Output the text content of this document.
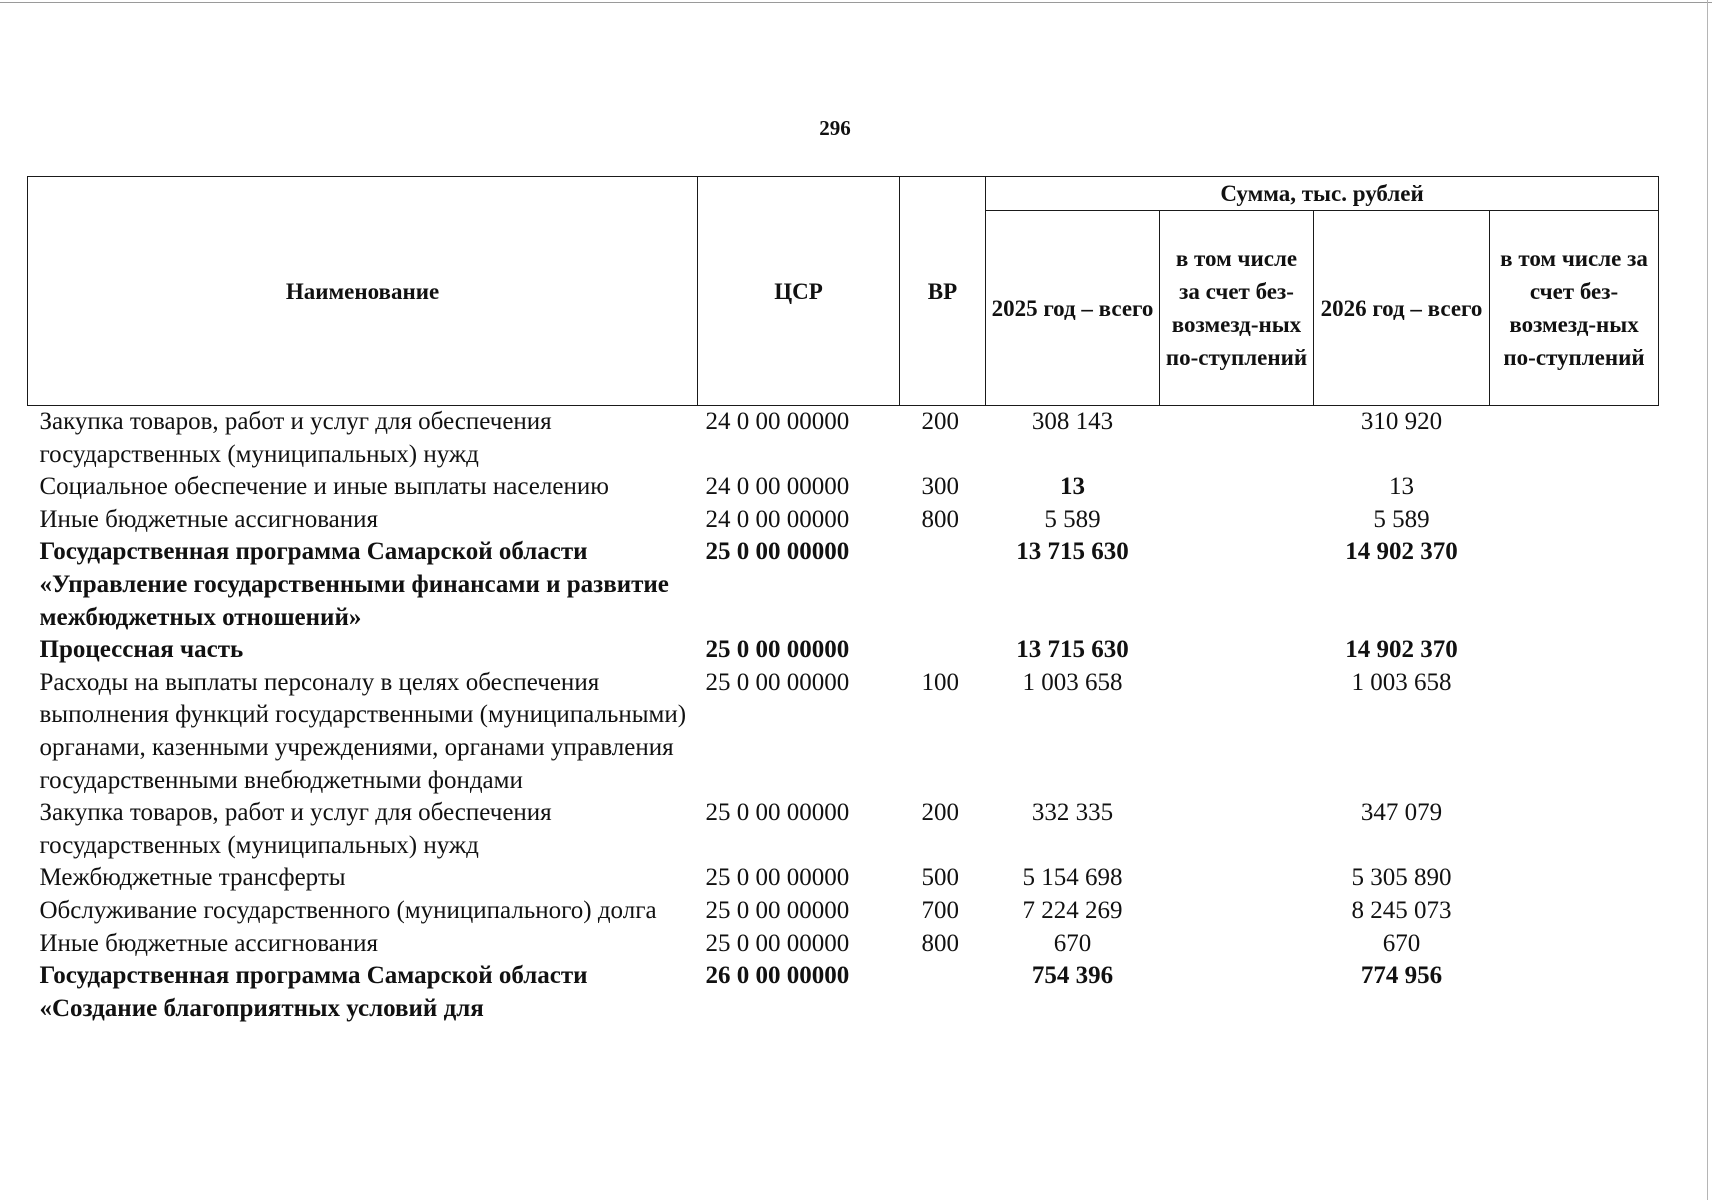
296
Наименование	ЦСР	ВР	Сумма, тыс. рублей			
			2025 год – всего	в том числе за счет без-возмезд-ных по-ступлений	2026 год – всего	в том числе за счет без-возмезд-ных по-ступлений
Закупка товаров, работ и услуг для обеспечения государственных (муниципальных) нужд	24 0 00 00000	200	308 143		310 920	
Социальное обеспечение и иные выплаты населению	24 0 00 00000	300	13		13	
Иные бюджетные ассигнования	24 0 00 00000	800	5 589		5 589	
Государственная программа Самарской области «Управление государственными финансами и развитие межбюджетных отношений»	25 0 00 00000		13 715 630		14 902 370	
Процессная часть	25 0 00 00000		13 715 630		14 902 370	
Расходы на выплаты персоналу в целях обеспечения выполнения функций государственными (муниципальными) органами, казенными учреждениями, органами управления государственными внебюджетными фондами	25 0 00 00000	100	1 003 658		1 003 658	
Закупка товаров, работ и услуг для обеспечения государственных (муниципальных) нужд	25 0 00 00000	200	332 335		347 079	
Межбюджетные трансферты	25 0 00 00000	500	5 154 698		5 305 890	
Обслуживание государственного (муниципального) долга	25 0 00 00000	700	7 224 269		8 245 073	
Иные бюджетные ассигнования	25 0 00 00000	800	670		670	
Государственная программа Самарской области «Создание благоприятных условий для	26 0 00 00000		754 396		774 956	
